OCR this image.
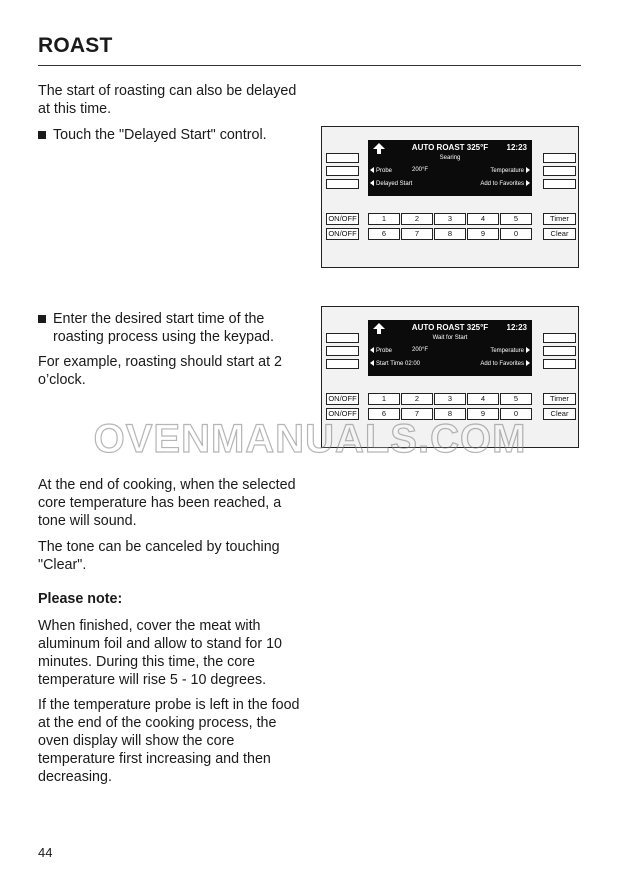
ROAST
The start of roasting can also be delayed at this time.
Touch the "Delayed Start" control.
Enter the desired start time of the roasting process using the keypad.
For example, roasting should start at 2 o’clock.
At the end of cooking, when the selected core temperature has been reached, a tone will sound.
The tone can be canceled by touching "Clear".
Please note:
When finished, cover the meat with aluminum foil and allow to stand for 10 minutes. During this time, the core temperature will rise 5 - 10 degrees.
If the temperature probe is left in the food at the end of the cooking process, the oven display will show the core temperature first increasing and then decreasing.
44
AUTO ROAST 325°F	12:23
Searing
Probe	200°F	Temperature
Delayed Start	Add to Favorites
ON/OFF
ON/OFF
1	2	3	4	5
6	7	8	9	0
Timer
Clear
AUTO ROAST 325°F	12:23
Wait for Start
Probe	200°F	Temperature
Start Time 02:00	Add to Favorites
ON/OFF
ON/OFF
1	2	3	4	5
6	7	8	9	0
Timer
Clear
OVENMANUALS.COM
